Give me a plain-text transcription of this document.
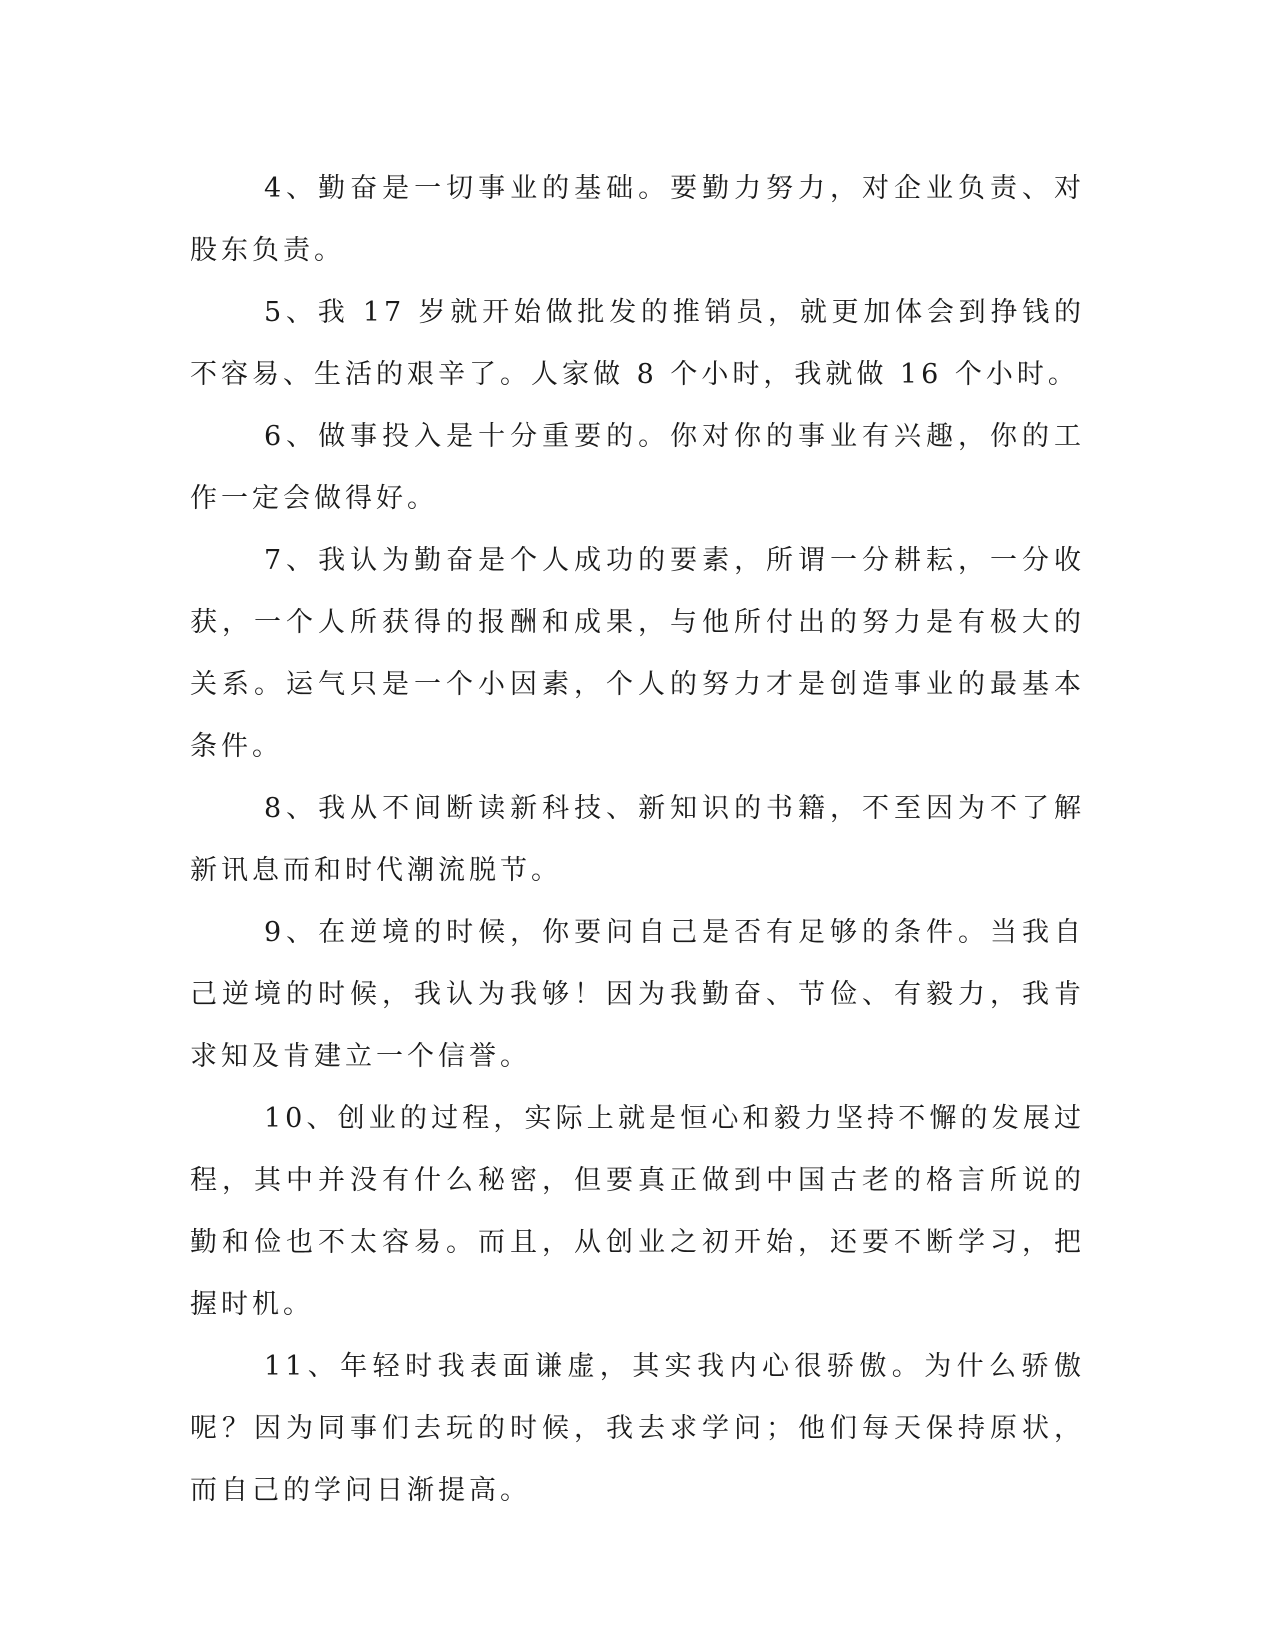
4、勤奋是一切事业的基础。要勤力努力，对企业负责、对股东负责。

5、我 17 岁就开始做批发的推销员，就更加体会到挣钱的不容易、生活的艰辛了。人家做 8 个小时，我就做 16 个小时。

6、做事投入是十分重要的。你对你的事业有兴趣，你的工作一定会做得好。

7、我认为勤奋是个人成功的要素，所谓一分耕耘，一分收获，一个人所获得的报酬和成果，与他所付出的努力是有极大的关系。运气只是一个小因素，个人的努力才是创造事业的最基本条件。

8、我从不间断读新科技、新知识的书籍，不至因为不了解新讯息而和时代潮流脱节。

9、在逆境的时候，你要问自己是否有足够的条件。当我自己逆境的时候，我认为我够！因为我勤奋、节俭、有毅力，我肯求知及肯建立一个信誉。

10、创业的过程，实际上就是恒心和毅力坚持不懈的发展过程，其中并没有什么秘密，但要真正做到中国古老的格言所说的勤和俭也不太容易。而且，从创业之初开始，还要不断学习，把握时机。

11、年轻时我表面谦虚，其实我内心很骄傲。为什么骄傲呢？因为同事们去玩的时候，我去求学问；他们每天保持原状，而自己的学问日渐提高。
